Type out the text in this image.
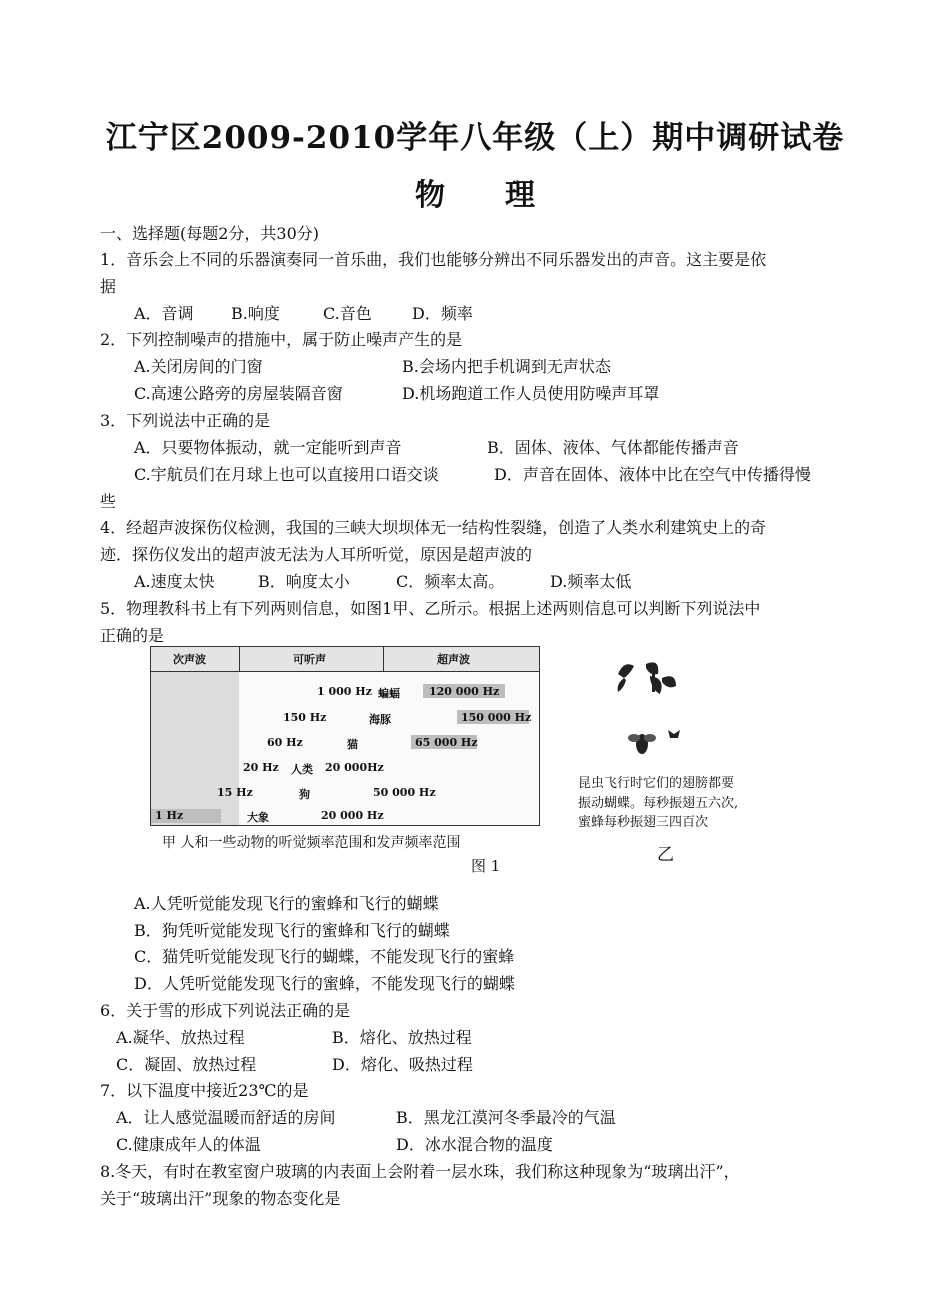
江宁区2009-2010学年八年级（上）期中调研试卷
物　　理
一、选择题(每题2分，共30分)
1．音乐会上不同的乐器演奏同一首乐曲，我们也能够分辨出不同乐器发出的声音。这主要是依
据
A．音调 B.响度	C.音色	D．频率
2．下列控制噪声的措施中，属于防止噪声产生的是
A.关闭房间的门窗	B.会场内把手机调到无声状态
C.高速公路旁的房屋装隔音窗	D.机场跑道工作人员使用防噪声耳罩
3．下列说法中正确的是
A．只要物体振动，就一定能听到声音	B．固体、液体、气体都能传播声音
C.宇航员们在月球上也可以直接用口语交谈	D．声音在固体、液体中比在空气中传播得慢
些
4．经超声波探伤仪检测，我国的三峡大坝坝体无一结构性裂缝，创造了人类水利建筑史上的奇
迹．探伤仪发出的超声波无法为人耳所听觉，原因是超声波的
A.速度太快	B．响度太小	C．频率太高。	D.频率太低
5．物理教科书上有下列两则信息，如图1甲、乙所示。根据上述两则信息可以判断下列说法中
正确的是
次声波	可听声	超声波
1 000 Hz 蝙蝠	120 000 Hz
150 Hz	海豚	150 000 Hz
60 Hz	猫	65 000 Hz
20 Hz 人类 20 000Hz
15 Hz	狗	50 000 Hz
1 Hz	大象	20 000 Hz
甲 人和一些动物的听觉频率范围和发声频率范围
图 1
昆虫飞行时它们的翅膀都要
振动蝴蝶。每秒振翅五六次,
蜜蜂每秒振翅三四百次
乙
A.人凭听觉能发现飞行的蜜蜂和飞行的蝴蝶
B．狗凭听觉能发现飞行的蜜蜂和飞行的蝴蝶
C．猫凭听觉能发现飞行的蝴蝶，不能发现飞行的蜜蜂
D．人凭听觉能发现飞行的蜜蜂，不能发现飞行的蝴蝶
6．关于雪的形成下列说法正确的是
A.凝华、放热过程	B．熔化、放热过程
C．凝固、放热过程	D．熔化、吸热过程
7．以下温度中接近23℃的是
A．让人感觉温暖而舒适的房间	B．黑龙江漠河冬季最冷的气温
C.健康成年人的体温	D．冰水混合物的温度
8.冬天，有时在教室窗户玻璃的内表面上会附着一层水珠，我们称这种现象为“玻璃出汗”，
关于“玻璃出汗”现象的物态变化是
